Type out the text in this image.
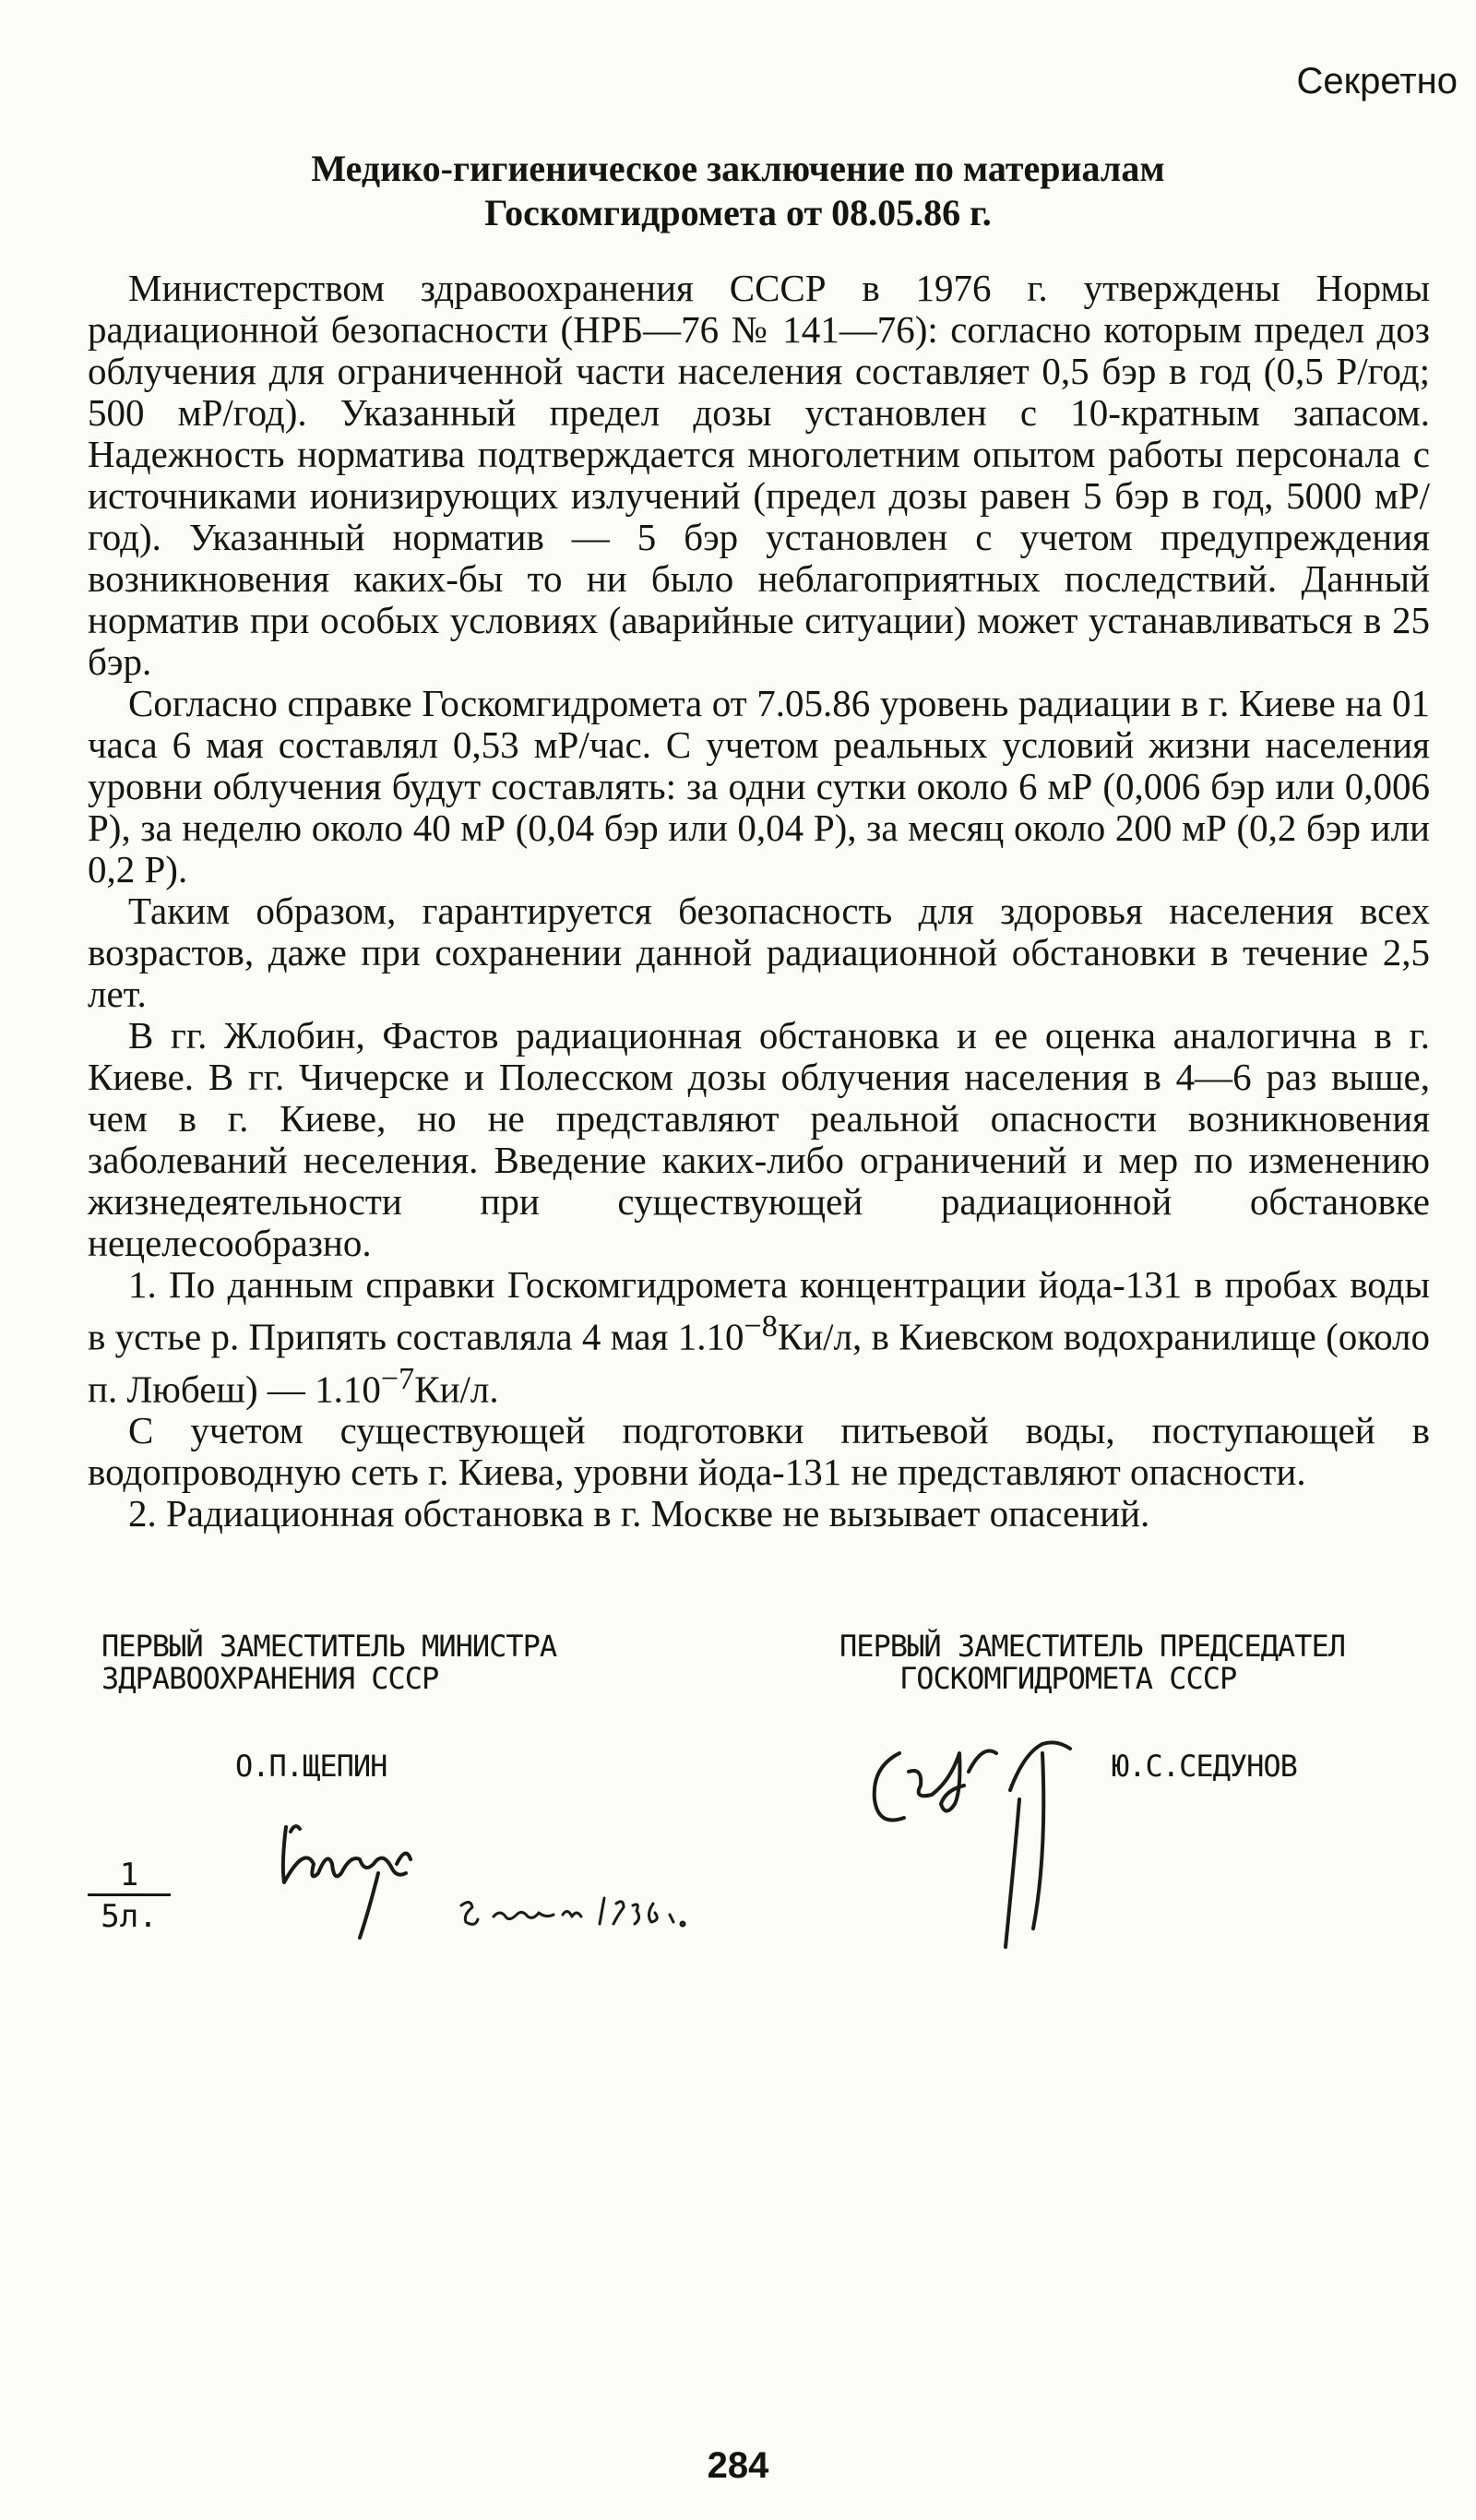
Секретно
Медико-гигиеническое заключение по материалам
Госкомгидромета от 08.05.86 г.

Министерством здравоохранения СССР в 1976 г. утверждены Нормы радиационной безопасности (НРБ—76 № 141—76): согласно которым предел доз облучения для ограниченной части населения составляет 0,5 бэр в год (0,5 Р/год; 500 мР/год). Указанный предел дозы установлен с 10-кратным запасом. Надежность норматива подтверждается многолетним опытом работы персонала с источниками ионизирующих излучений (предел дозы равен 5 бэр в год, 5000 мР/год). Указанный норматив — 5 бэр установлен с учетом предупреждения возникновения каких-бы то ни было неблагоприятных последствий. Данный норматив при особых условиях (аварийные ситуации) может устанавливаться в 25 бэр.

Согласно справке Госкомгидромета от 7.05.86 уровень радиации в г. Киеве на 01 часа 6 мая составлял 0,53 мР/час. С учетом реальных условий жизни населения уровни облучения будут составлять: за одни сутки около 6 мР (0,006 бэр или 0,006 Р), за неделю около 40 мР (0,04 бэр или 0,04 Р), за месяц около 200 мР (0,2 бэр или 0,2 Р).

Таким образом, гарантируется безопасность для здоровья населения всех возрастов, даже при сохранении данной радиационной обстановки в течение 2,5 лет.

В гг. Жлобин, Фастов радиационная обстановка и ее оценка аналогична в г. Киеве. В гг. Чичерске и Полесском дозы облучения населения в 4—6 раз выше, чем в г. Киеве, но не представляют реальной опасности возникновения заболеваний неселения. Введение каких-либо ограничений и мер по изменению жизнедеятельности при существующей радиационной обстановке нецелесообразно.

1. По данным справки Госкомгидромета концентрации йода-131 в пробах воды в устье р. Припять составляла 4 мая $1.10^{-8}Ки/л$, в Киевском водохранилище (около п. Любеш) — $1.10^{-7}Ки/л$.

С учетом существующей подготовки питьевой воды, поступающей в водопроводную сеть г. Киева, уровни йода-131 не представляют опасности.

2. Радиационная обстановка в г. Москве не вызывает опасений.

ПЕРВЫЙ ЗАМЕСТИТЕЛЬ МИНИСТРА
ЗДРАВООХРАНЕНИЯ СССР
О.П.ЩЕПИН
ПЕРВЫЙ ЗАМЕСТИТЕЛЬ ПРЕДСЕДАТЕЛ
ГОСКОМГИДРОМЕТА СССР
Ю.С.СЕДУНОВ
1
5л.
284
